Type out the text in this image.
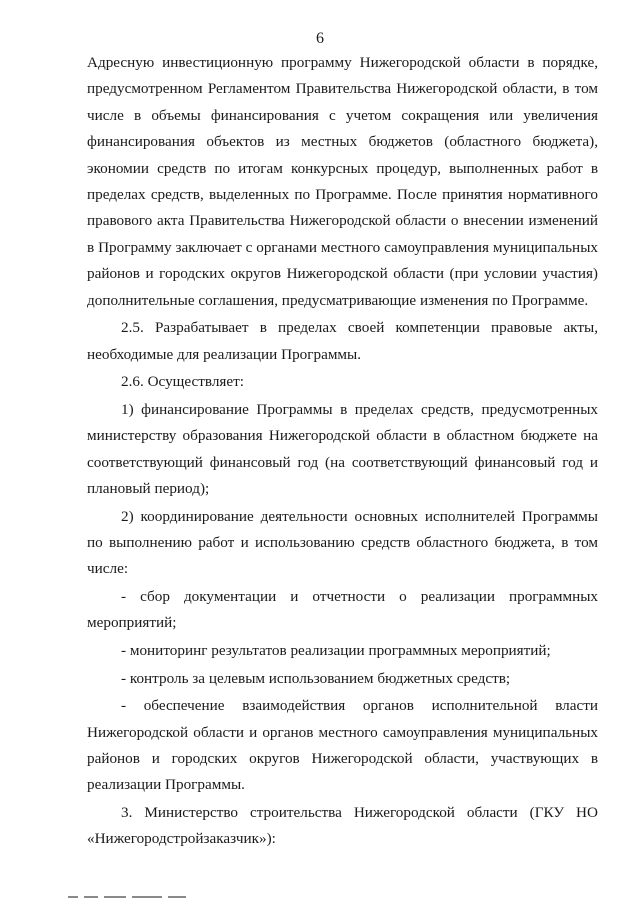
6

Адресную инвестиционную программу Нижегородской области в порядке, предусмотренном Регламентом Правительства Нижегородской области, в том числе в объемы финансирования с учетом сокращения или увеличения финансирования объектов из местных бюджетов (областного бюджета), экономии средств по итогам конкурсных процедур, выполненных работ в пределах средств, выделенных по Программе. После принятия нормативного правового акта Правительства Нижегородской области о внесении изменений в Программу заключает с органами местного самоуправления муниципальных районов и городских округов Нижегородской области (при условии участия) дополнительные соглашения, предусматривающие изменения по Программе.

2.5. Разрабатывает в пределах своей компетенции правовые акты, необходимые для реализации Программы.

2.6. Осуществляет:

1) финансирование Программы в пределах средств, предусмотренных министерству образования Нижегородской области в областном бюджете на соответствующий финансовый год (на соответствующий финансовый год и плановый период);

2) координирование деятельности основных исполнителей Программы по выполнению работ и использованию средств областного бюджета, в том числе:

- сбор документации и отчетности о реализации программных мероприятий;

- мониторинг результатов реализации программных мероприятий;

- контроль за целевым использованием бюджетных средств;

- обеспечение взаимодействия органов исполнительной власти Нижегородской области и органов местного самоуправления муниципальных районов и городских округов Нижегородской области, участвующих в реализации Программы.

3. Министерство строительства Нижегородской области (ГКУ НО «Нижегородстройзаказчик»):
